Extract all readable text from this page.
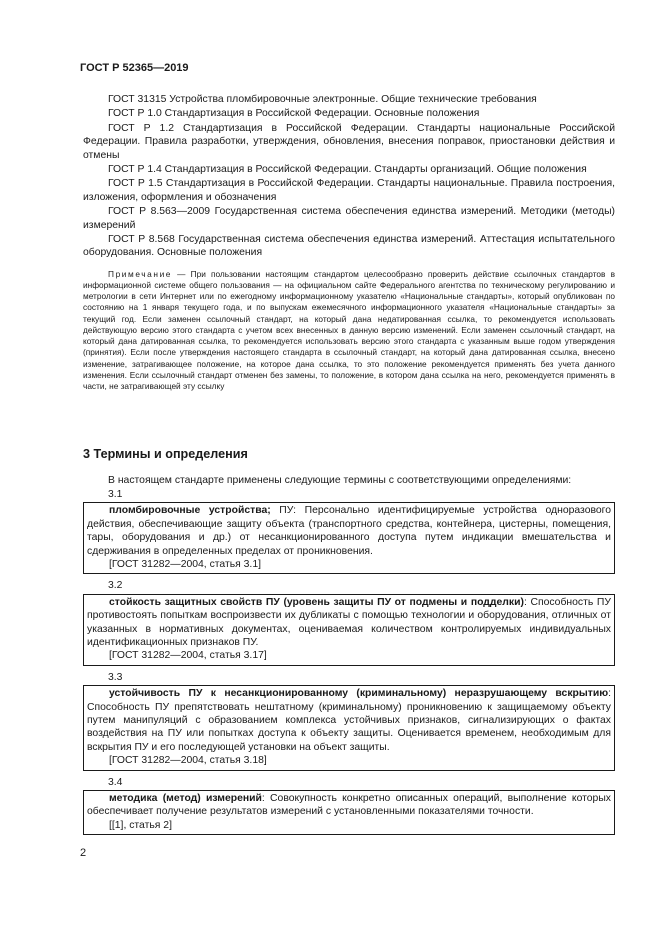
ГОСТ Р 52365—2019

ГОСТ 31315 Устройства пломбировочные электронные. Общие технические требования

ГОСТ Р 1.0 Стандартизация в Российской Федерации. Основные положения

ГОСТ Р 1.2 Стандартизация в Российской Федерации. Стандарты национальные Российской Федерации. Правила разработки, утверждения, обновления, внесения поправок, приостановки действия и отмены

ГОСТ Р 1.4 Стандартизация в Российской Федерации. Стандарты организаций. Общие положения

ГОСТ Р 1.5 Стандартизация в Российской Федерации. Стандарты национальные. Правила построения, изложения, оформления и обозначения

ГОСТ Р 8.563—2009 Государственная система обеспечения единства измерений. Методики (методы) измерений

ГОСТ Р 8.568 Государственная система обеспечения единства измерений. Аттестация испытательного оборудования. Основные положения

Примечание — При пользовании настоящим стандартом целесообразно проверить действие ссылочных стандартов в информационной системе общего пользования — на официальном сайте Федерального агентства по техническому регулированию и метрологии в сети Интернет или по ежегодному информационному указателю «Национальные стандарты», который опубликован по состоянию на 1 января текущего года, и по выпускам ежемесячного информационного указателя «Национальные стандарты» за текущий год. Если заменен ссылочный стандарт, на который дана недатированная ссылка, то рекомендуется использовать действующую версию этого стандарта с учетом всех внесенных в данную версию изменений. Если заменен ссылочный стандарт, на который дана датированная ссылка, то рекомендуется использовать версию этого стандарта с указанным выше годом утверждения (принятия). Если после утверждения настоящего стандарта в ссылочный стандарт, на который дана датированная ссылка, внесено изменение, затрагивающее положение, на которое дана ссылка, то это положение рекомендуется применять без учета данного изменения. Если ссылочный стандарт отменен без замены, то положение, в котором дана ссылка на него, рекомендуется применять в части, не затрагивающей эту ссылку
3 Термины и определения
В настоящем стандарте применены следующие термины с соответствующими определениями:
3.1

пломбировочные устройства; ПУ: Персонально идентифицируемые устройства одноразового действия, обеспечивающие защиту объекта (транспортного средства, контейнера, цистерны, помещения, тары, оборудования и др.) от несанкционированного доступа путем индикации вмешательства и сдерживания в определенных пределах от проникновения.

[ГОСТ 31282—2004, статья 3.1]
3.2

стойкость защитных свойств ПУ (уровень защиты ПУ от подмены и подделки): Способность ПУ противостоять попыткам воспроизвести их дубликаты с помощью технологии и оборудования, отличных от указанных в нормативных документах, оцениваемая количеством контролируемых индивидуальных идентификационных признаков ПУ.

[ГОСТ 31282—2004, статья 3.17]
3.3

устойчивость ПУ к несанкционированному (криминальному) неразрушающему вскрытию: Способность ПУ препятствовать нештатному (криминальному) проникновению к защищаемому объекту путем манипуляций с образованием комплекса устойчивых признаков, сигнализирующих о фактах воздействия на ПУ или попытках доступа к объекту защиты. Оценивается временем, необходимым для вскрытия ПУ и его последующей установки на объект защиты.

[ГОСТ 31282—2004, статья 3.18]
3.4

методика (метод) измерений: Совокупность конкретно описанных операций, выполнение которых обеспечивает получение результатов измерений с установленными показателями точности.

[[1], статья 2]
2
